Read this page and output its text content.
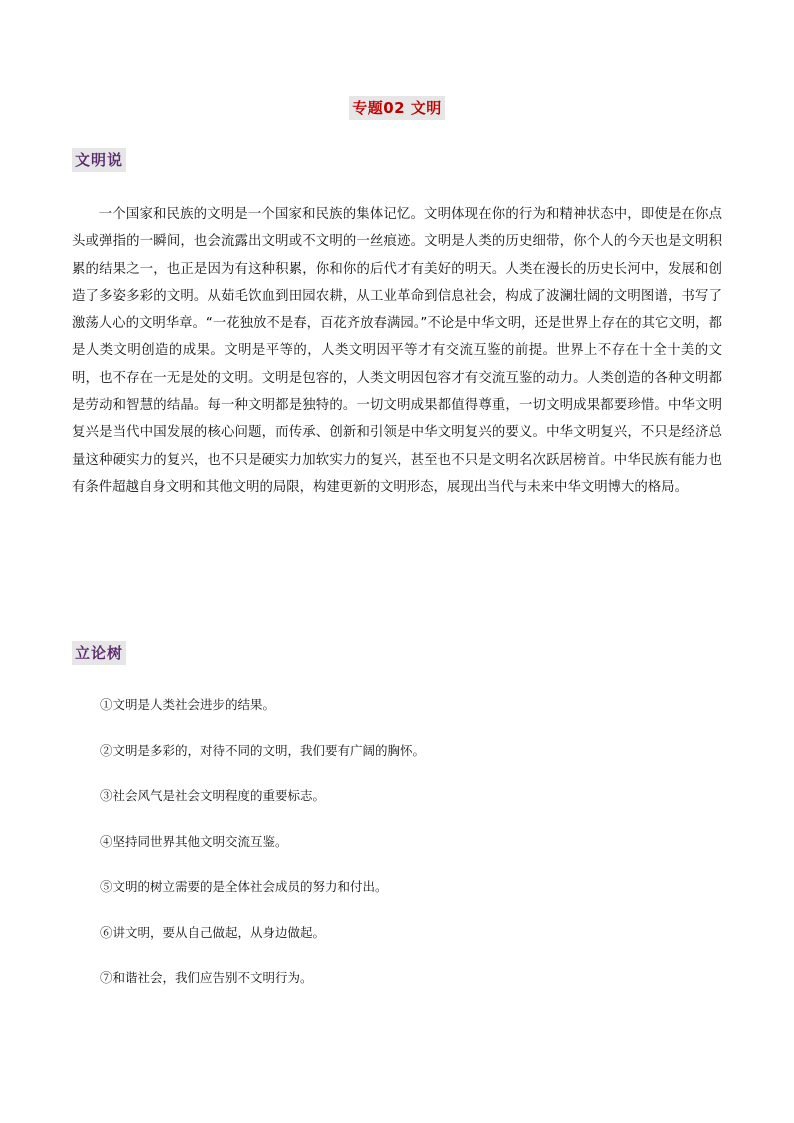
专题02 文明
文明说

一个国家和民族的文明是一个国家和民族的集体记忆。文明体现在你的行为和精神状态中，即使是在你点头或弹指的一瞬间，也会流露出文明或不文明的一丝痕迹。文明是人类的历史细带，你个人的今天也是文明积累的结果之一，也正是因为有这种积累，你和你的后代才有美好的明天。人类在漫长的历史长河中，发展和创造了多姿多彩的文明。从茹毛饮血到田园农耕，从工业革命到信息社会，构成了波澜壮阔的文明图谱，书写了激荡人心的文明华章。“一花独放不是春，百花齐放春满园。”不论是中华文明，还是世界上存在的其它文明，都是人类文明创造的成果。文明是平等的，人类文明因平等才有交流互鉴的前提。世界上不存在十全十美的文明，也不存在一无是处的文明。文明是包容的，人类文明因包容才有交流互鉴的动力。人类创造的各种文明都是劳动和智慧的结晶。每一种文明都是独特的。一切文明成果都值得尊重，一切文明成果都要珍惜。中华文明复兴是当代中国发展的核心问题，而传承、创新和引领是中华文明复兴的要义。中华文明复兴，不只是经济总量这种硬实力的复兴，也不只是硬实力加软实力的复兴，甚至也不只是文明名次跃居榜首。中华民族有能力也有条件超越自身文明和其他文明的局限，构建更新的文明形态，展现出当代与未来中华文明博大的格局。

立论树
①文明是人类社会进步的结果。
②文明是多彩的，对待不同的文明，我们要有广阔的胸怀。
③社会风气是社会文明程度的重要标志。
④坚持同世界其他文明交流互鉴。
⑤文明的树立需要的是全体社会成员的努力和付出。
⑥讲文明，要从自己做起，从身边做起。
⑦和谐社会，我们应告别不文明行为。
